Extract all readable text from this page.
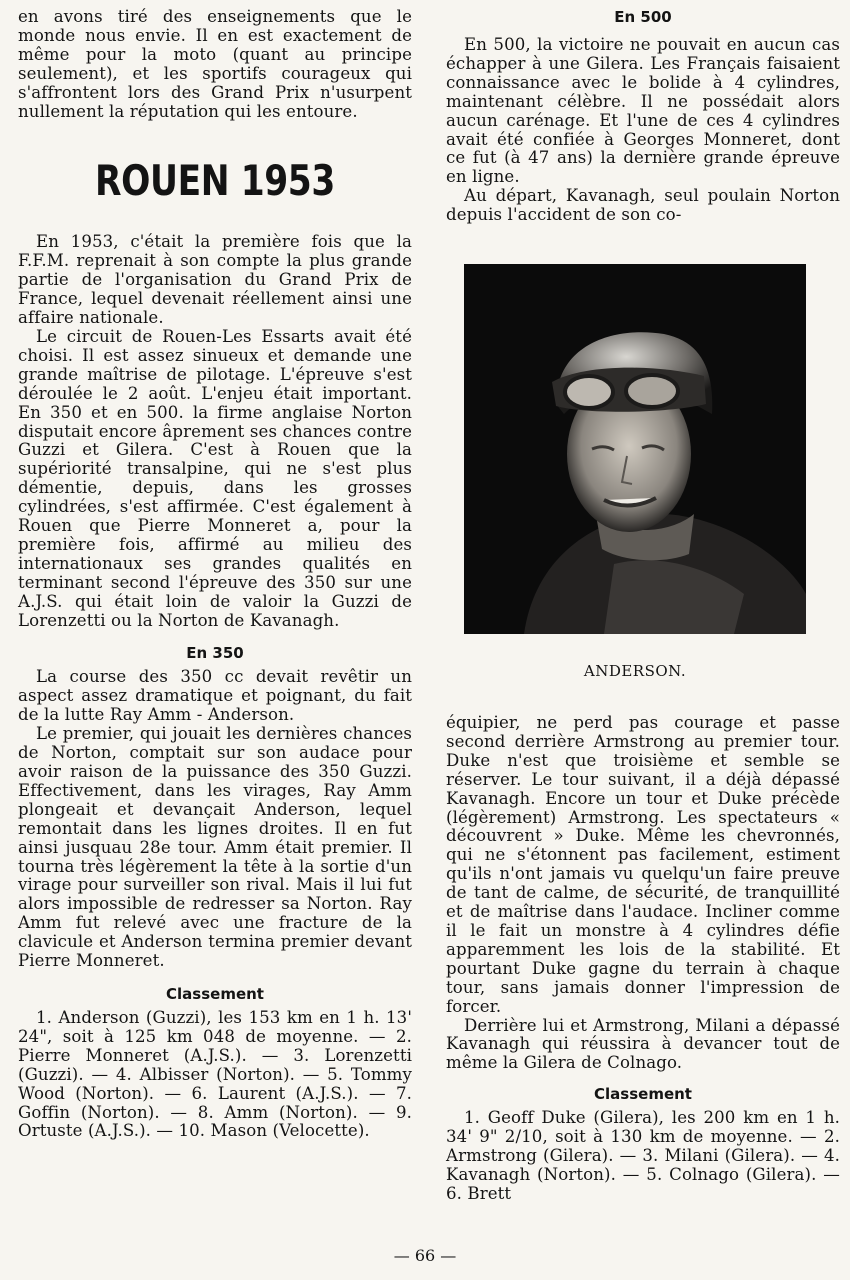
en avons tiré des enseignements que le monde nous envie. Il en est exactement de même pour la moto (quant au principe seulement), et les sportifs courageux qui s'affrontent lors des Grand Prix n'usurpent nullement la réputation qui les entoure.

ROUEN 1953

En 1953, c'était la première fois que la F.F.M. reprenait à son compte la plus grande partie de l'organisation du Grand Prix de France, lequel devenait réellement ainsi une affaire nationale.

Le circuit de Rouen-Les Essarts avait été choisi. Il est assez sinueux et demande une grande maîtrise de pilotage. L'épreuve s'est déroulée le 2 août. L'enjeu était important. En 350 et en 500. la firme anglaise Norton disputait encore âprement ses chances contre Guzzi et Gilera. C'est à Rouen que la supériorité transalpine, qui ne s'est plus démentie, depuis, dans les grosses cylindrées, s'est affirmée. C'est également à Rouen que Pierre Monneret a, pour la première fois, affirmé au milieu des internationaux ses grandes qualités en terminant second l'épreuve des 350 sur une A.J.S. qui était loin de valoir la Guzzi de Lorenzetti ou la Norton de Kavanagh.

En 350

La course des 350 cc devait revêtir un aspect assez dramatique et poignant, du fait de la lutte Ray Amm - Anderson.

Le premier, qui jouait les dernières chances de Norton, comptait sur son audace pour avoir raison de la puissance des 350 Guzzi. Effectivement, dans les virages, Ray Amm plongeait et devançait Anderson, lequel remontait dans les lignes droites. Il en fut ainsi jusquau 28e tour. Amm était premier. Il tourna très légèrement la tête à la sortie d'un virage pour surveiller son rival. Mais il lui fut alors impossible de redresser sa Norton. Ray Amm fut relevé avec une fracture de la clavicule et Anderson termina premier devant Pierre Monneret.

Classement

1. Anderson (Guzzi), les 153 km en 1 h. 13' 24", soit à 125 km 048 de moyenne. — 2. Pierre Monneret (A.J.S.). — 3. Lorenzetti (Guzzi). — 4. Albisser (Norton). — 5. Tommy Wood (Norton). — 6. Laurent (A.J.S.). — 7. Goffin (Norton). — 8. Amm (Norton). — 9. Ortuste (A.J.S.). — 10. Mason (Velocette).

En 500

En 500, la victoire ne pouvait en aucun cas échapper à une Gilera. Les Français faisaient connaissance avec le bolide à 4 cylindres, maintenant célèbre. Il ne possédait alors aucun carénage. Et l'une de ces 4 cylindres avait été confiée à Georges Monneret, dont ce fut (à 47 ans) la dernière grande épreuve en ligne.

Au départ, Kavanagh, seul poulain Norton depuis l'accident de son co-

ANDERSON.

équipier, ne perd pas courage et passe second derrière Armstrong au premier tour. Duke n'est que troisième et semble se réserver. Le tour suivant, il a déjà dépassé Kavanagh. Encore un tour et Duke précède (légèrement) Armstrong. Les spectateurs « découvrent » Duke. Même les chevronnés, qui ne s'étonnent pas facilement, estiment qu'ils n'ont jamais vu quelqu'un faire preuve de tant de calme, de sécurité, de tranquillité et de maîtrise dans l'audace. Incliner comme il le fait un monstre à 4 cylindres défie apparemment les lois de la stabilité. Et pourtant Duke gagne du terrain à chaque tour, sans jamais donner l'impression de forcer.

Derrière lui et Armstrong, Milani a dépassé Kavanagh qui réussira à devancer tout de même la Gilera de Colnago.

Classement

1. Geoff Duke (Gilera), les 200 km en 1 h. 34' 9" 2/10, soit à 130 km de moyenne. — 2. Armstrong (Gilera). — 3. Milani (Gilera). — 4. Kavanagh (Norton). — 5. Colnago (Gilera). — 6. Brett

— 66 —
